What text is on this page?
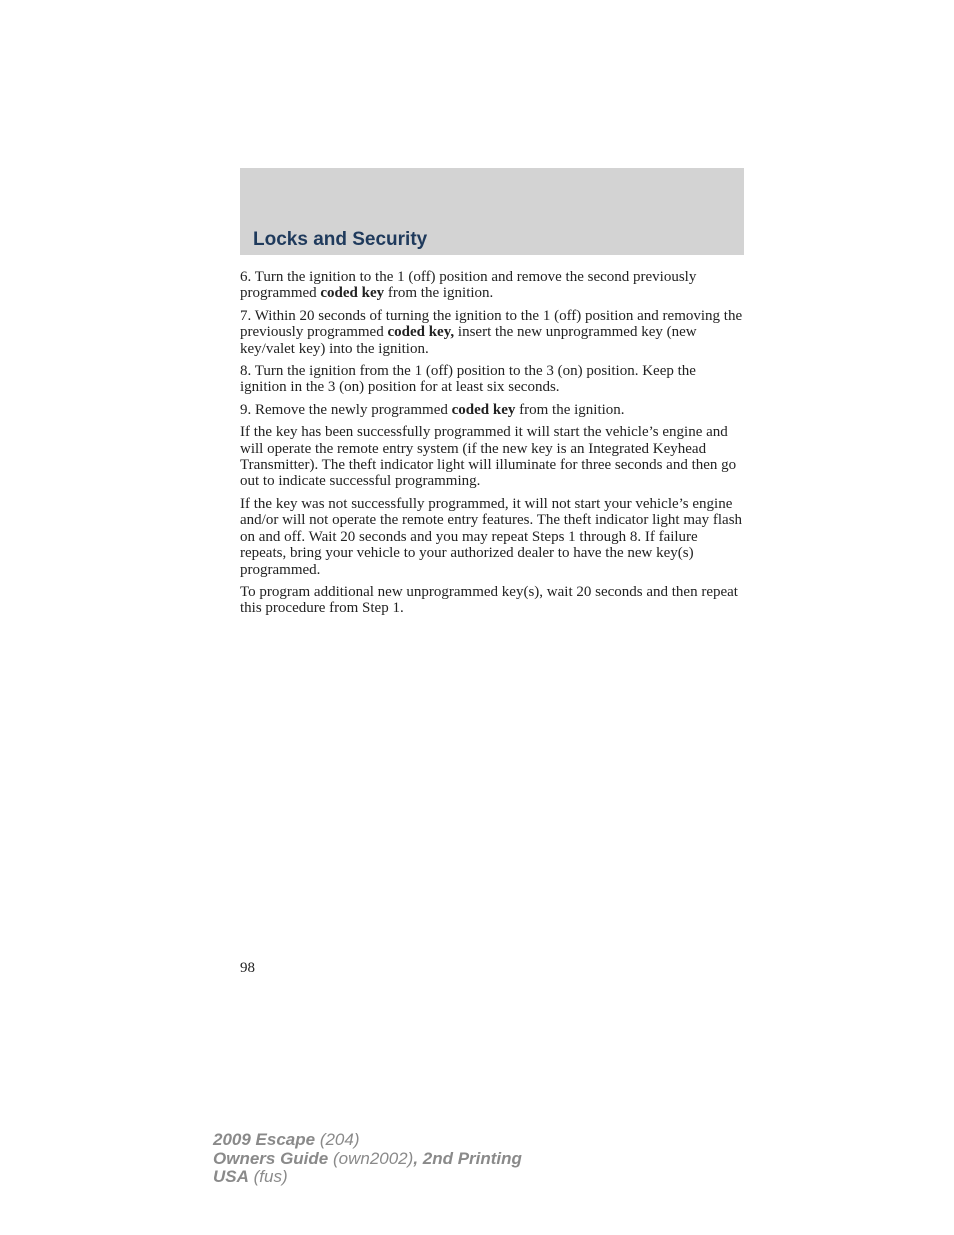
Locks and Security

6. Turn the ignition to the 1 (off) position and remove the second previously programmed coded key from the ignition.

7. Within 20 seconds of turning the ignition to the 1 (off) position and removing the previously programmed coded key, insert the new unprogrammed key (new key/valet key) into the ignition.

8. Turn the ignition from the 1 (off) position to the 3 (on) position. Keep the ignition in the 3 (on) position for at least six seconds.

9. Remove the newly programmed coded key from the ignition.

If the key has been successfully programmed it will start the vehicle’s engine and will operate the remote entry system (if the new key is an Integrated Keyhead Transmitter). The theft indicator light will illuminate for three seconds and then go out to indicate successful programming.

If the key was not successfully programmed, it will not start your vehicle’s engine and/or will not operate the remote entry features. The theft indicator light may flash on and off. Wait 20 seconds and you may repeat Steps 1 through 8. If failure repeats, bring your vehicle to your authorized dealer to have the new key(s) programmed.

To program additional new unprogrammed key(s), wait 20 seconds and then repeat this procedure from Step 1.

98
2009 Escape (204)
Owners Guide (own2002), 2nd Printing
USA (fus)
